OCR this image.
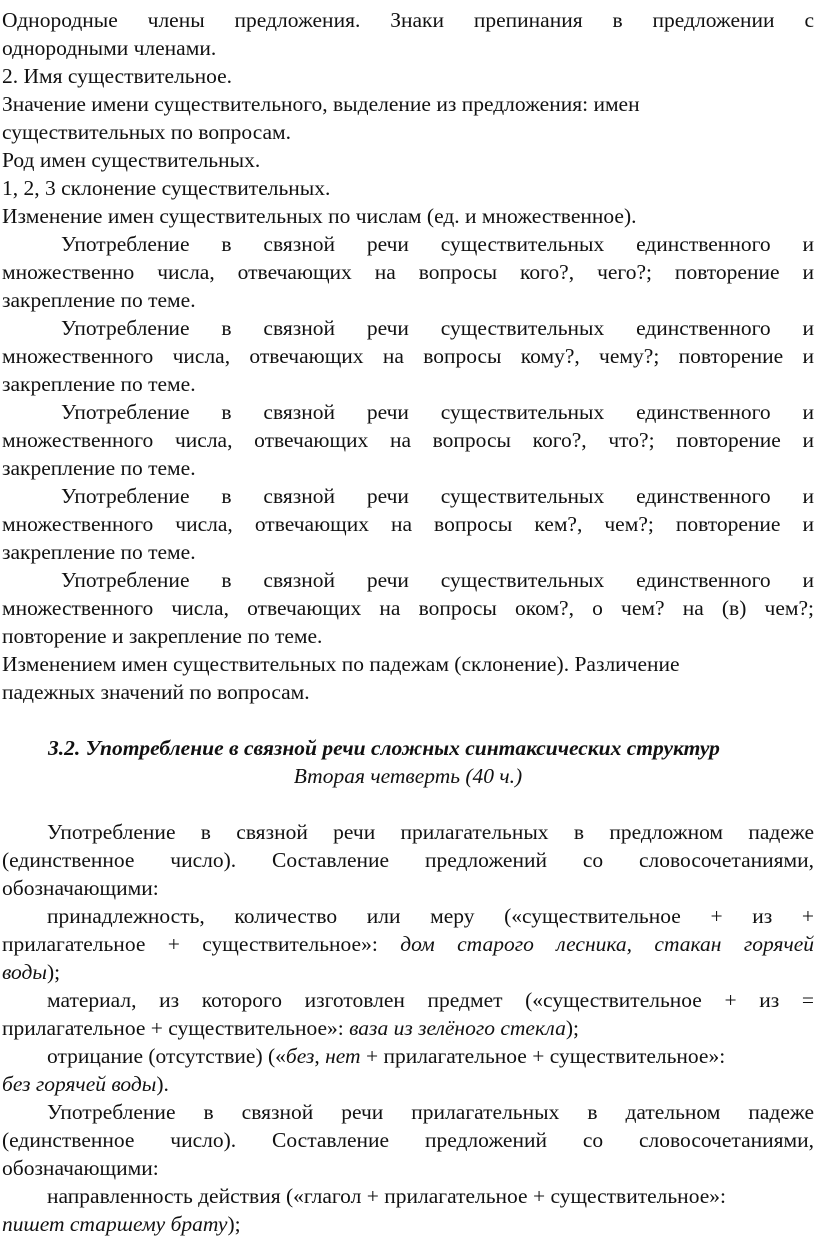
Однородные члены предложения. Знаки препинания в предложении с
однородными членами.
2. Имя существительное.
Значение имени существительного, выделение из предложения: имен
существительных по вопросам.
Род имен существительных.
1, 2, 3 склонение существительных.
Изменение имен существительных по числам (ед. и множественное).
Употребление в связной речи существительных единственного и
множественно числа, отвечающих на вопросы кого?, чего?; повторение и
закрепление по теме.
Употребление в связной речи существительных единственного и
множественного числа, отвечающих на вопросы кому?, чему?; повторение и
закрепление по теме.
Употребление в связной речи существительных единственного и
множественного числа, отвечающих на вопросы кого?, что?; повторение и
закрепление по теме.
Употребление в связной речи существительных единственного и
множественного числа, отвечающих на вопросы кем?, чем?; повторение и
закрепление по теме.
Употребление в связной речи существительных единственного и
множественного числа, отвечающих на вопросы оком?, о чем? на (в) чем?;
повторение и закрепление по теме.
Изменением имен существительных по падежам (склонение). Различение
падежных значений по вопросам.
3.2. Употребление в связной речи сложных синтаксических структур
Вторая четверть (40 ч.)
Употребление в связной речи прилагательных в предложном падеже
(единственное число). Составление предложений со словосочетаниями,
обозначающими:
принадлежность, количество или меру («существительное + из +
прилагательное + существительное»: дом старого лесника, стакан горячей
воды);
материал, из которого изготовлен предмет («существительное + из =
прилагательное + существительное»: ваза из зелёного стекла);
отрицание (отсутствие) («без, нет + прилагательное + существительное»:
без горячей воды).
Употребление в связной речи прилагательных в дательном падеже
(единственное число). Составление предложений со словосочетаниями,
обозначающими:
направленность действия («глагол + прилагательное + существительное»:
пишет старшему брату);
